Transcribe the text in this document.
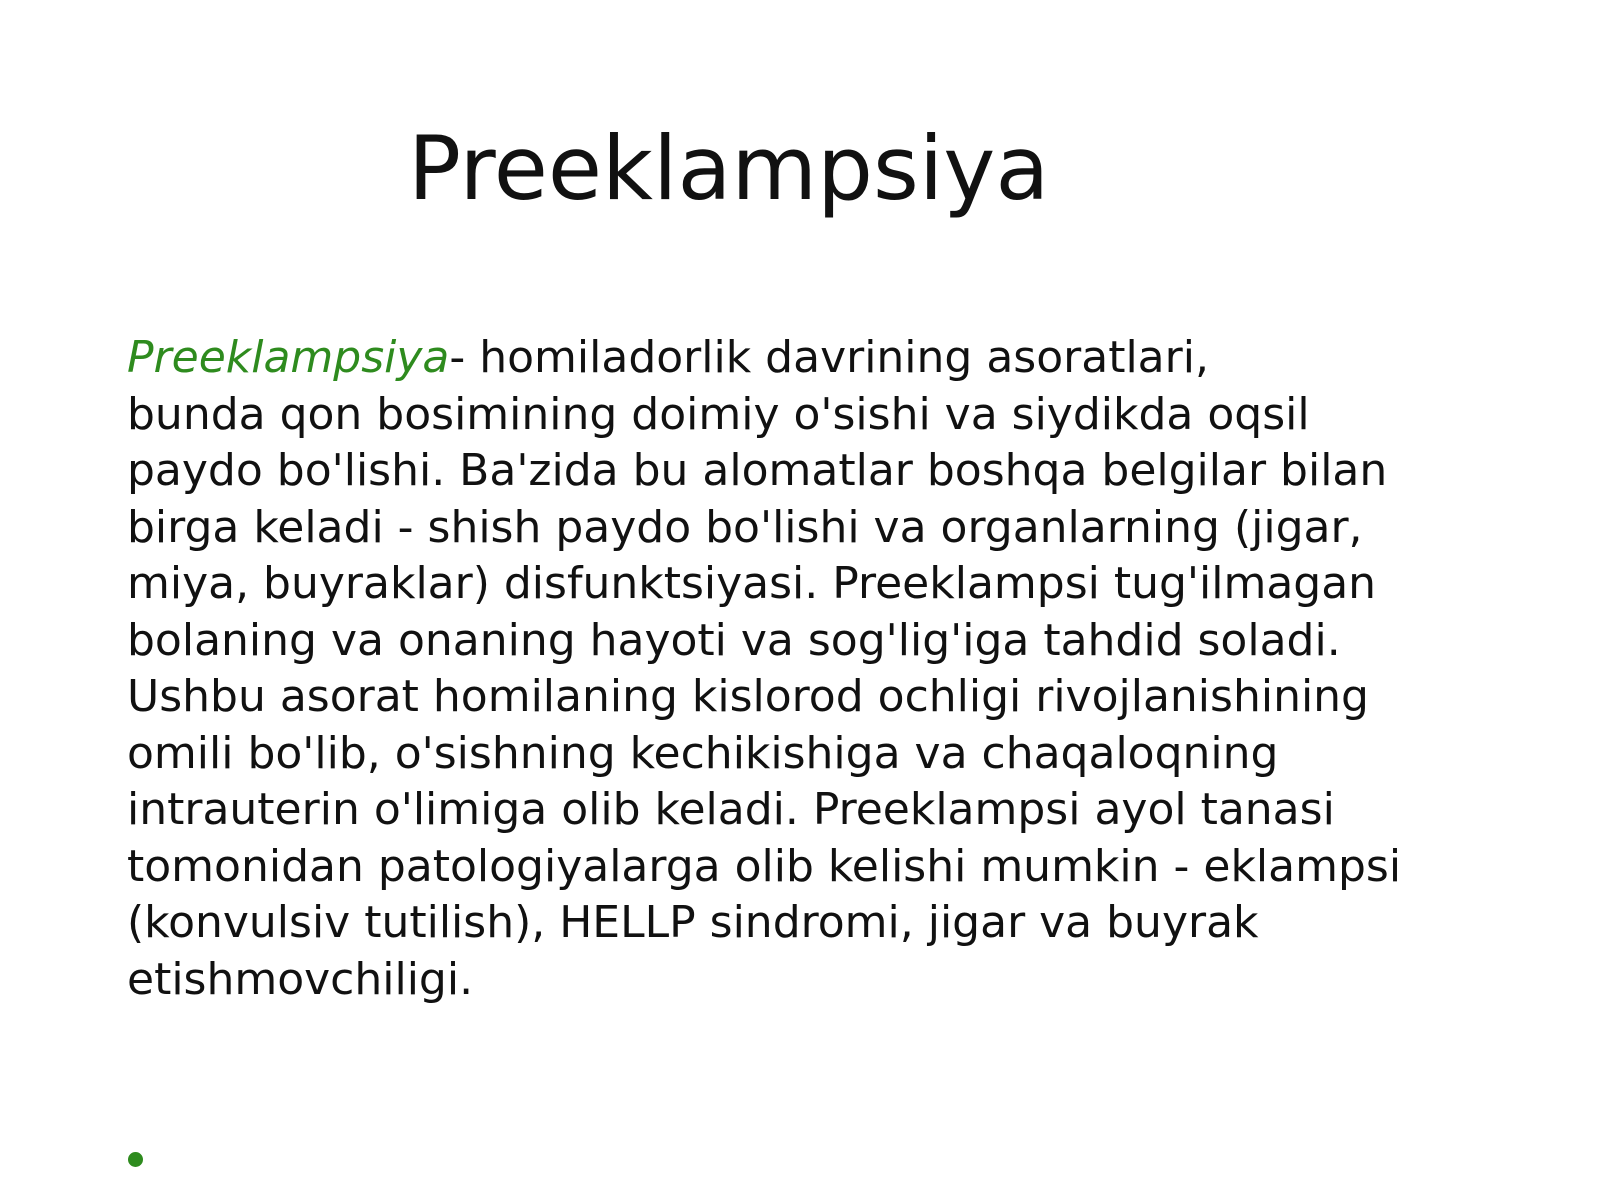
Preeklampsiya
Preeklampsiya- homiladorlik davrining asoratlari,
bunda qon bosimining doimiy o'sishi va siydikda oqsil
paydo bo'lishi. Ba'zida bu alomatlar boshqa belgilar bilan
birga keladi - shish paydo bo'lishi va organlarning (jigar,
miya, buyraklar) disfunktsiyasi. Preeklampsi tug'ilmagan
bolaning va onaning hayoti va sog'lig'iga tahdid soladi.
Ushbu asorat homilaning kislorod ochligi rivojlanishining
omili bo'lib, o'sishning kechikishiga va chaqaloqning
intrauterin o'limiga olib keladi. Preeklampsi ayol tanasi
tomonidan patologiyalarga olib kelishi mumkin - eklampsi
(konvulsiv tutilish), HELLP sindromi, jigar va buyrak
etishmovchiligi.
